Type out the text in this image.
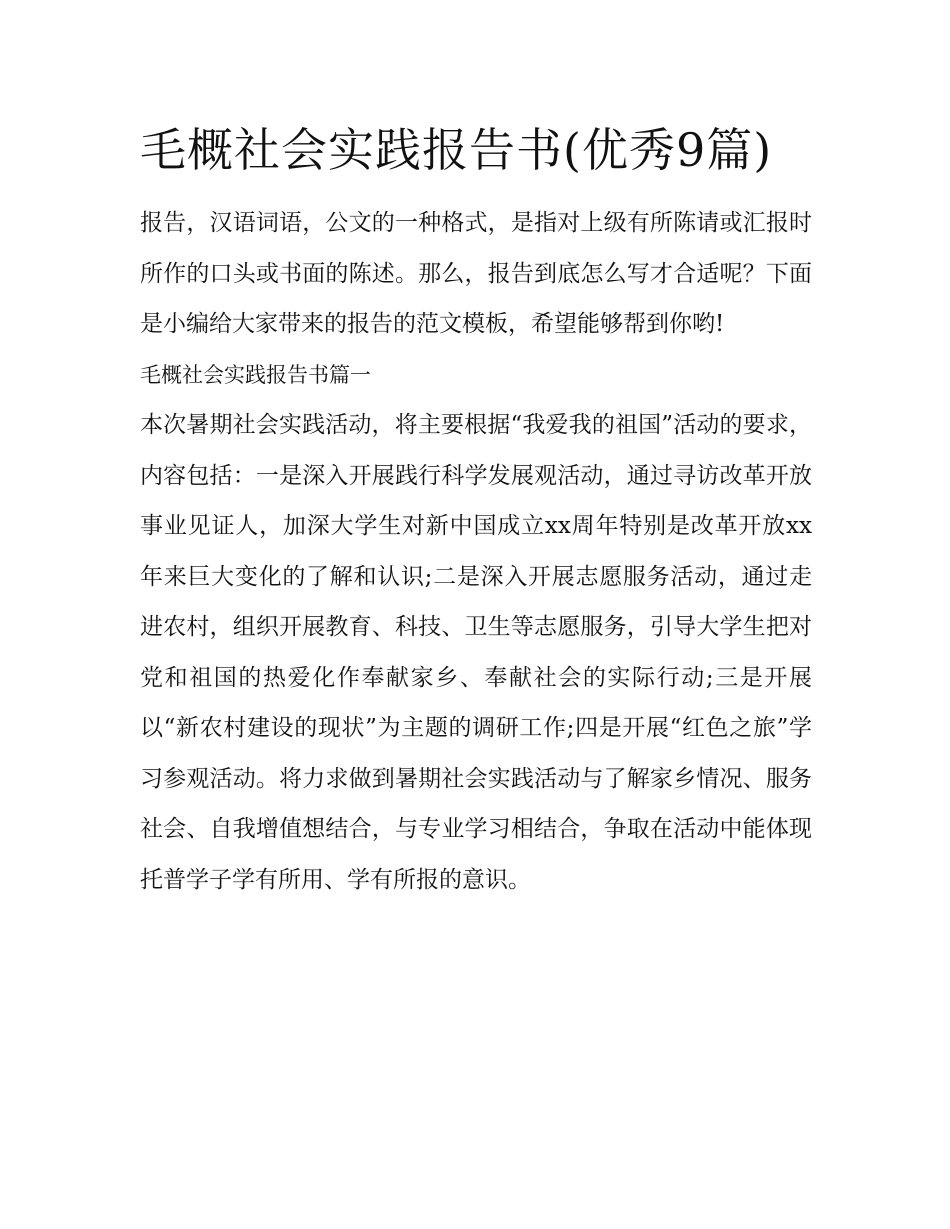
毛概社会实践报告书(优秀9篇)

报告，汉语词语，公文的一种格式，是指对上级有所陈请或汇报时所作的口头或书面的陈述。那么，报告到底怎么写才合适呢？下面是小编给大家带来的报告的范文模板，希望能够帮到你哟!

毛概社会实践报告书篇一

本次暑期社会实践活动，将主要根据“我爱我的祖国”活动的要求，内容包括：一是深入开展践行科学发展观活动，通过寻访改革开放事业见证人，加深大学生对新中国成立xx周年特别是改革开放xx年来巨大变化的了解和认识;二是深入开展志愿服务活动，通过走进农村，组织开展教育、科技、卫生等志愿服务，引导大学生把对党和祖国的热爱化作奉献家乡、奉献社会的实际行动;三是开展以“新农村建设的现状”为主题的调研工作;四是开展“红色之旅”学习参观活动。将力求做到暑期社会实践活动与了解家乡情况、服务社会、自我增值想结合，与专业学习相结合，争取在活动中能体现托普学子学有所用、学有所报的意识。
